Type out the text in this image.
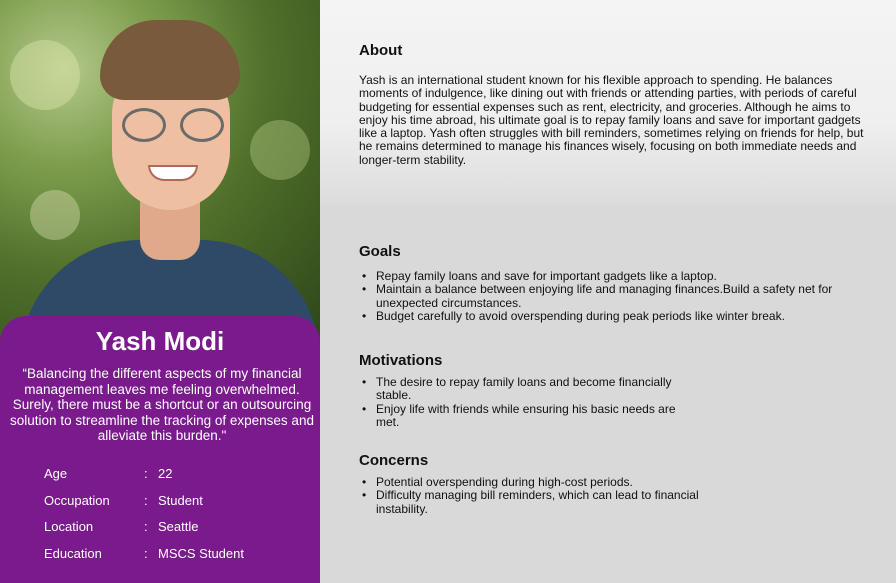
Yash Modi
“Balancing the different aspects of my financial management leaves me feeling overwhelmed. Surely, there must be a shortcut or an outsourcing solution to streamline the tracking of expenses and alleviate this burden."
Age	: 22
Occupation	: Student
Location	: Seattle
Education	: MSCS Student
About

Yash is an international student known for his flexible approach to spending. He balances moments of indulgence, like dining out with friends or attending parties, with periods of careful budgeting for essential expenses such as rent, electricity, and groceries. Although he aims to enjoy his time abroad, his ultimate goal is to repay family loans and save for important gadgets like a laptop. Yash often struggles with bill reminders, sometimes relying on friends for help, but he remains determined to manage his finances wisely, focusing on both immediate needs and longer-term stability.

Goals
• Repay family loans and save for important gadgets like a laptop.
• Maintain a balance between enjoying life and managing finances.Build a safety net for unexpected circumstances.
• Budget carefully to avoid overspending during peak periods like winter break.
Motivations
• The desire to repay family loans and become financially stable.
• Enjoy life with friends while ensuring his basic needs are met.
Concerns
• Potential overspending during high-cost periods.
• Difficulty managing bill reminders, which can lead to financial instability.
